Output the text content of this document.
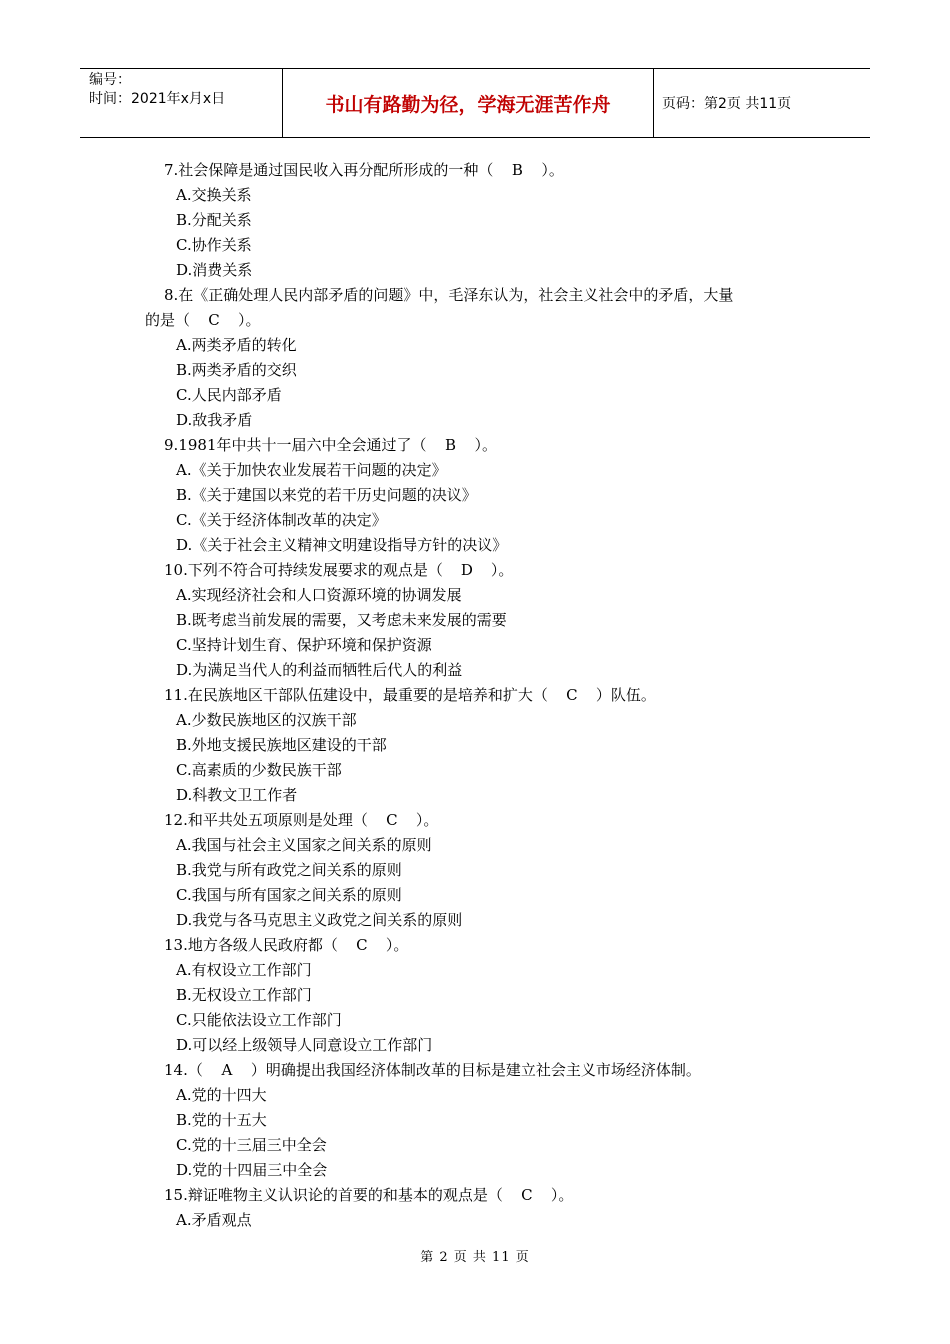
编号：
时间：2021年x月x日	书山有路勤为径，学海无涯苦作舟	页码：第2页 共11页
7.社会保障是通过国民收入再分配所形成的一种（ B ）。
A.交换关系
B.分配关系
C.协作关系
D.消费关系
8.在《正确处理人民内部矛盾的问题》中，毛泽东认为，社会主义社会中的矛盾，大量
的是（ C ）。
A.两类矛盾的转化
B.两类矛盾的交织
C.人民内部矛盾
D.敌我矛盾
9.1981年中共十一届六中全会通过了（ B ）。
A.《关于加快农业发展若干问题的决定》
B.《关于建国以来党的若干历史问题的决议》
C.《关于经济体制改革的决定》
D.《关于社会主义精神文明建设指导方针的决议》
10.下列不符合可持续发展要求的观点是（ D ）。
A.实现经济社会和人口资源环境的协调发展
B.既考虑当前发展的需要，又考虑未来发展的需要
C.坚持计划生育、保护环境和保护资源
D.为满足当代人的利益而牺牲后代人的利益
11.在民族地区干部队伍建设中，最重要的是培养和扩大（ C ）队伍。
A.少数民族地区的汉族干部
B.外地支援民族地区建设的干部
C.高素质的少数民族干部
D.科教文卫工作者
12.和平共处五项原则是处理（ C ）。
A.我国与社会主义国家之间关系的原则
B.我党与所有政党之间关系的原则
C.我国与所有国家之间关系的原则
D.我党与各马克思主义政党之间关系的原则
13.地方各级人民政府都（ C ）。
A.有权设立工作部门
B.无权设立工作部门
C.只能依法设立工作部门
D.可以经上级领导人同意设立工作部门
14.（ A ）明确提出我国经济体制改革的目标是建立社会主义市场经济体制。
A.党的十四大
B.党的十五大
C.党的十三届三中全会
D.党的十四届三中全会
15.辩证唯物主义认识论的首要的和基本的观点是（ C ）。
A.矛盾观点
第 2 页 共 11 页
